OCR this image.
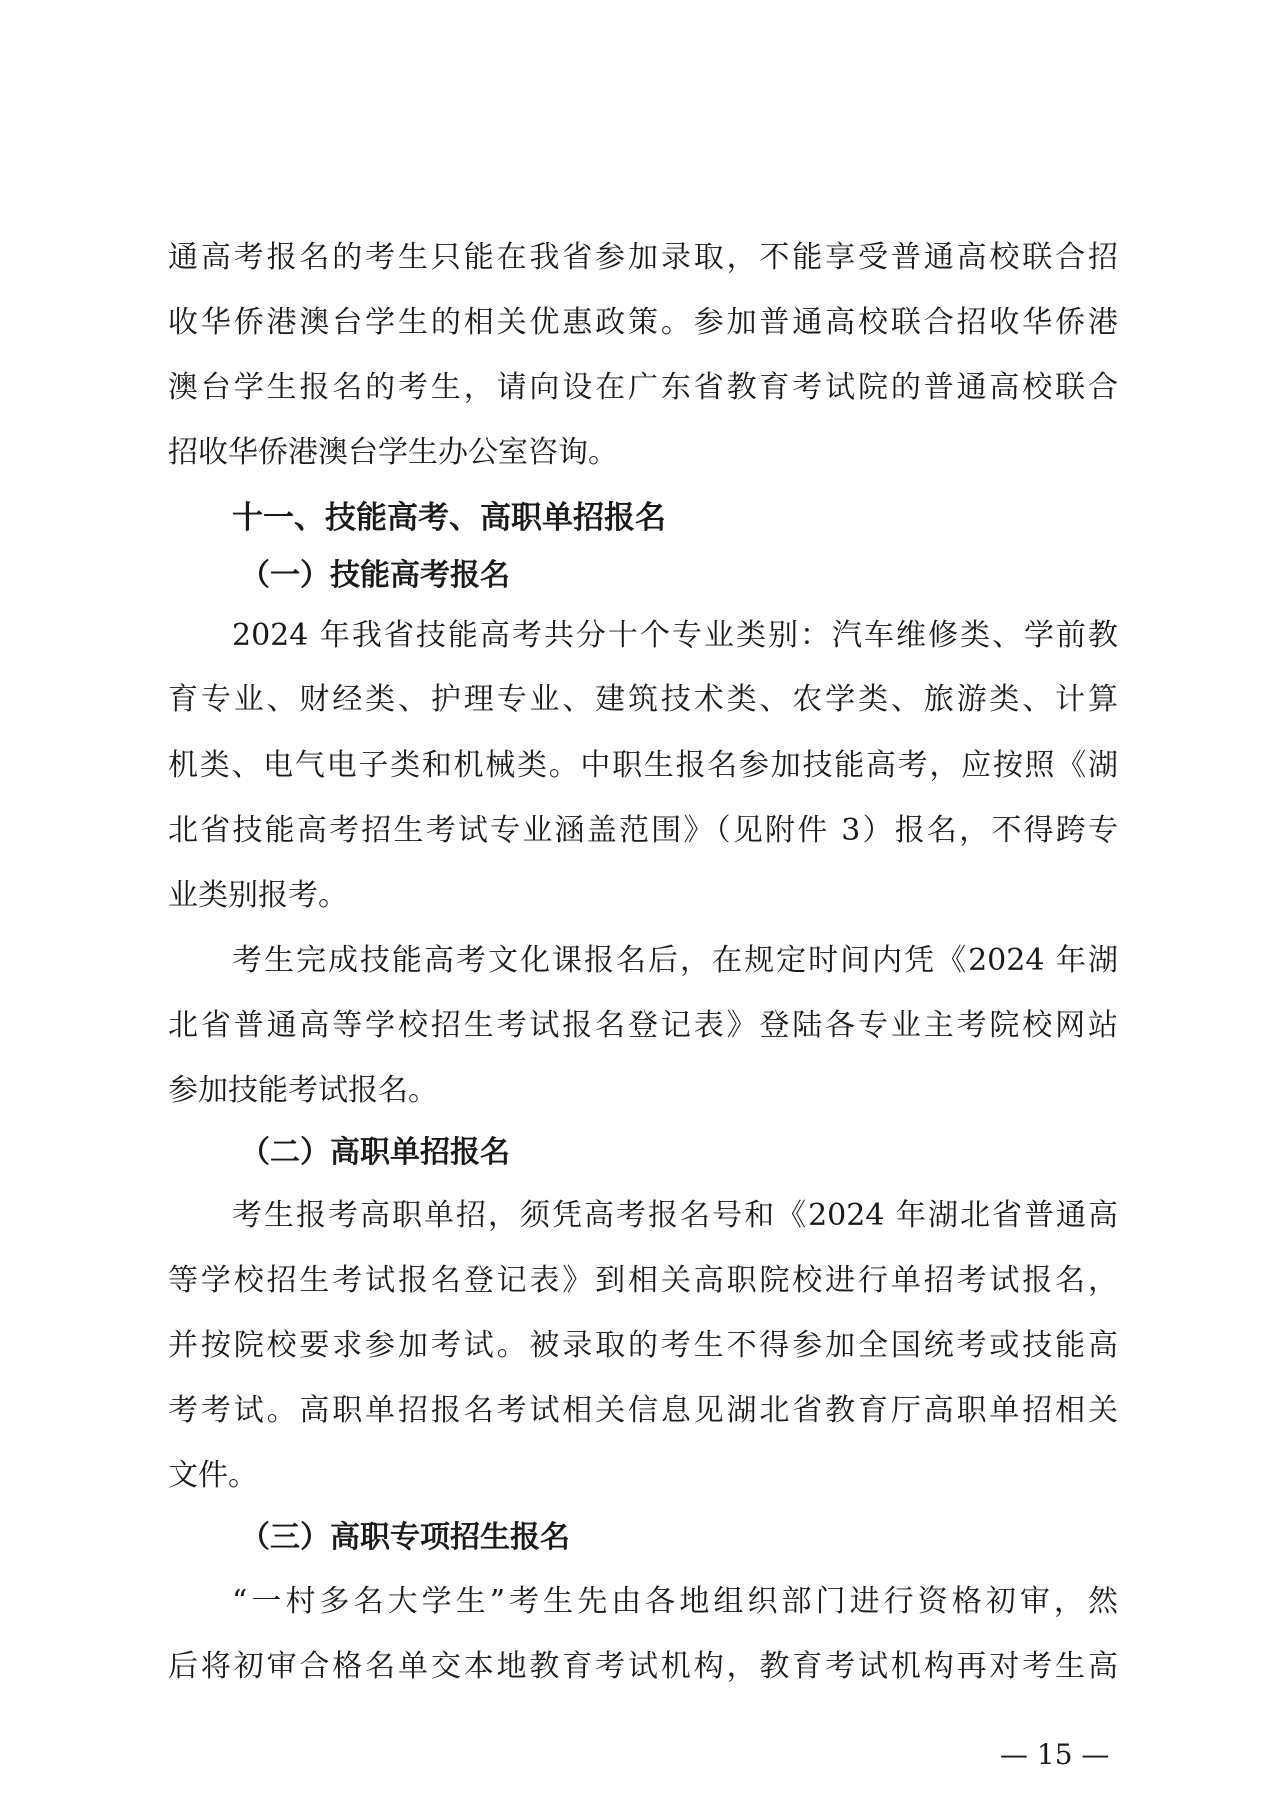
通高考报名的考生只能在我省参加录取，不能享受普通高校联合招
收华侨港澳台学生的相关优惠政策。参加普通高校联合招收华侨港
澳台学生报名的考生，请向设在广东省教育考试院的普通高校联合
招收华侨港澳台学生办公室咨询。
十一、技能高考、高职单招报名
（一）技能高考报名
2024 年我省技能高考共分十个专业类别：汽车维修类、学前教
育专业、财经类、护理专业、建筑技术类、农学类、旅游类、计算
机类、电气电子类和机械类。中职生报名参加技能高考，应按照《湖
北省技能高考招生考试专业涵盖范围》（见附件 3）报名，不得跨专
业类别报考。
考生完成技能高考文化课报名后，在规定时间内凭《2024 年湖
北省普通高等学校招生考试报名登记表》登陆各专业主考院校网站
参加技能考试报名。
（二）高职单招报名
考生报考高职单招，须凭高考报名号和《2024 年湖北省普通高
等学校招生考试报名登记表》到相关高职院校进行单招考试报名，
并按院校要求参加考试。被录取的考生不得参加全国统考或技能高
考考试。高职单招报名考试相关信息见湖北省教育厅高职单招相关
文件。
（三）高职专项招生报名
“一村多名大学生”考生先由各地组织部门进行资格初审，然
后将初审合格名单交本地教育考试机构，教育考试机构再对考生高
— 15 —
